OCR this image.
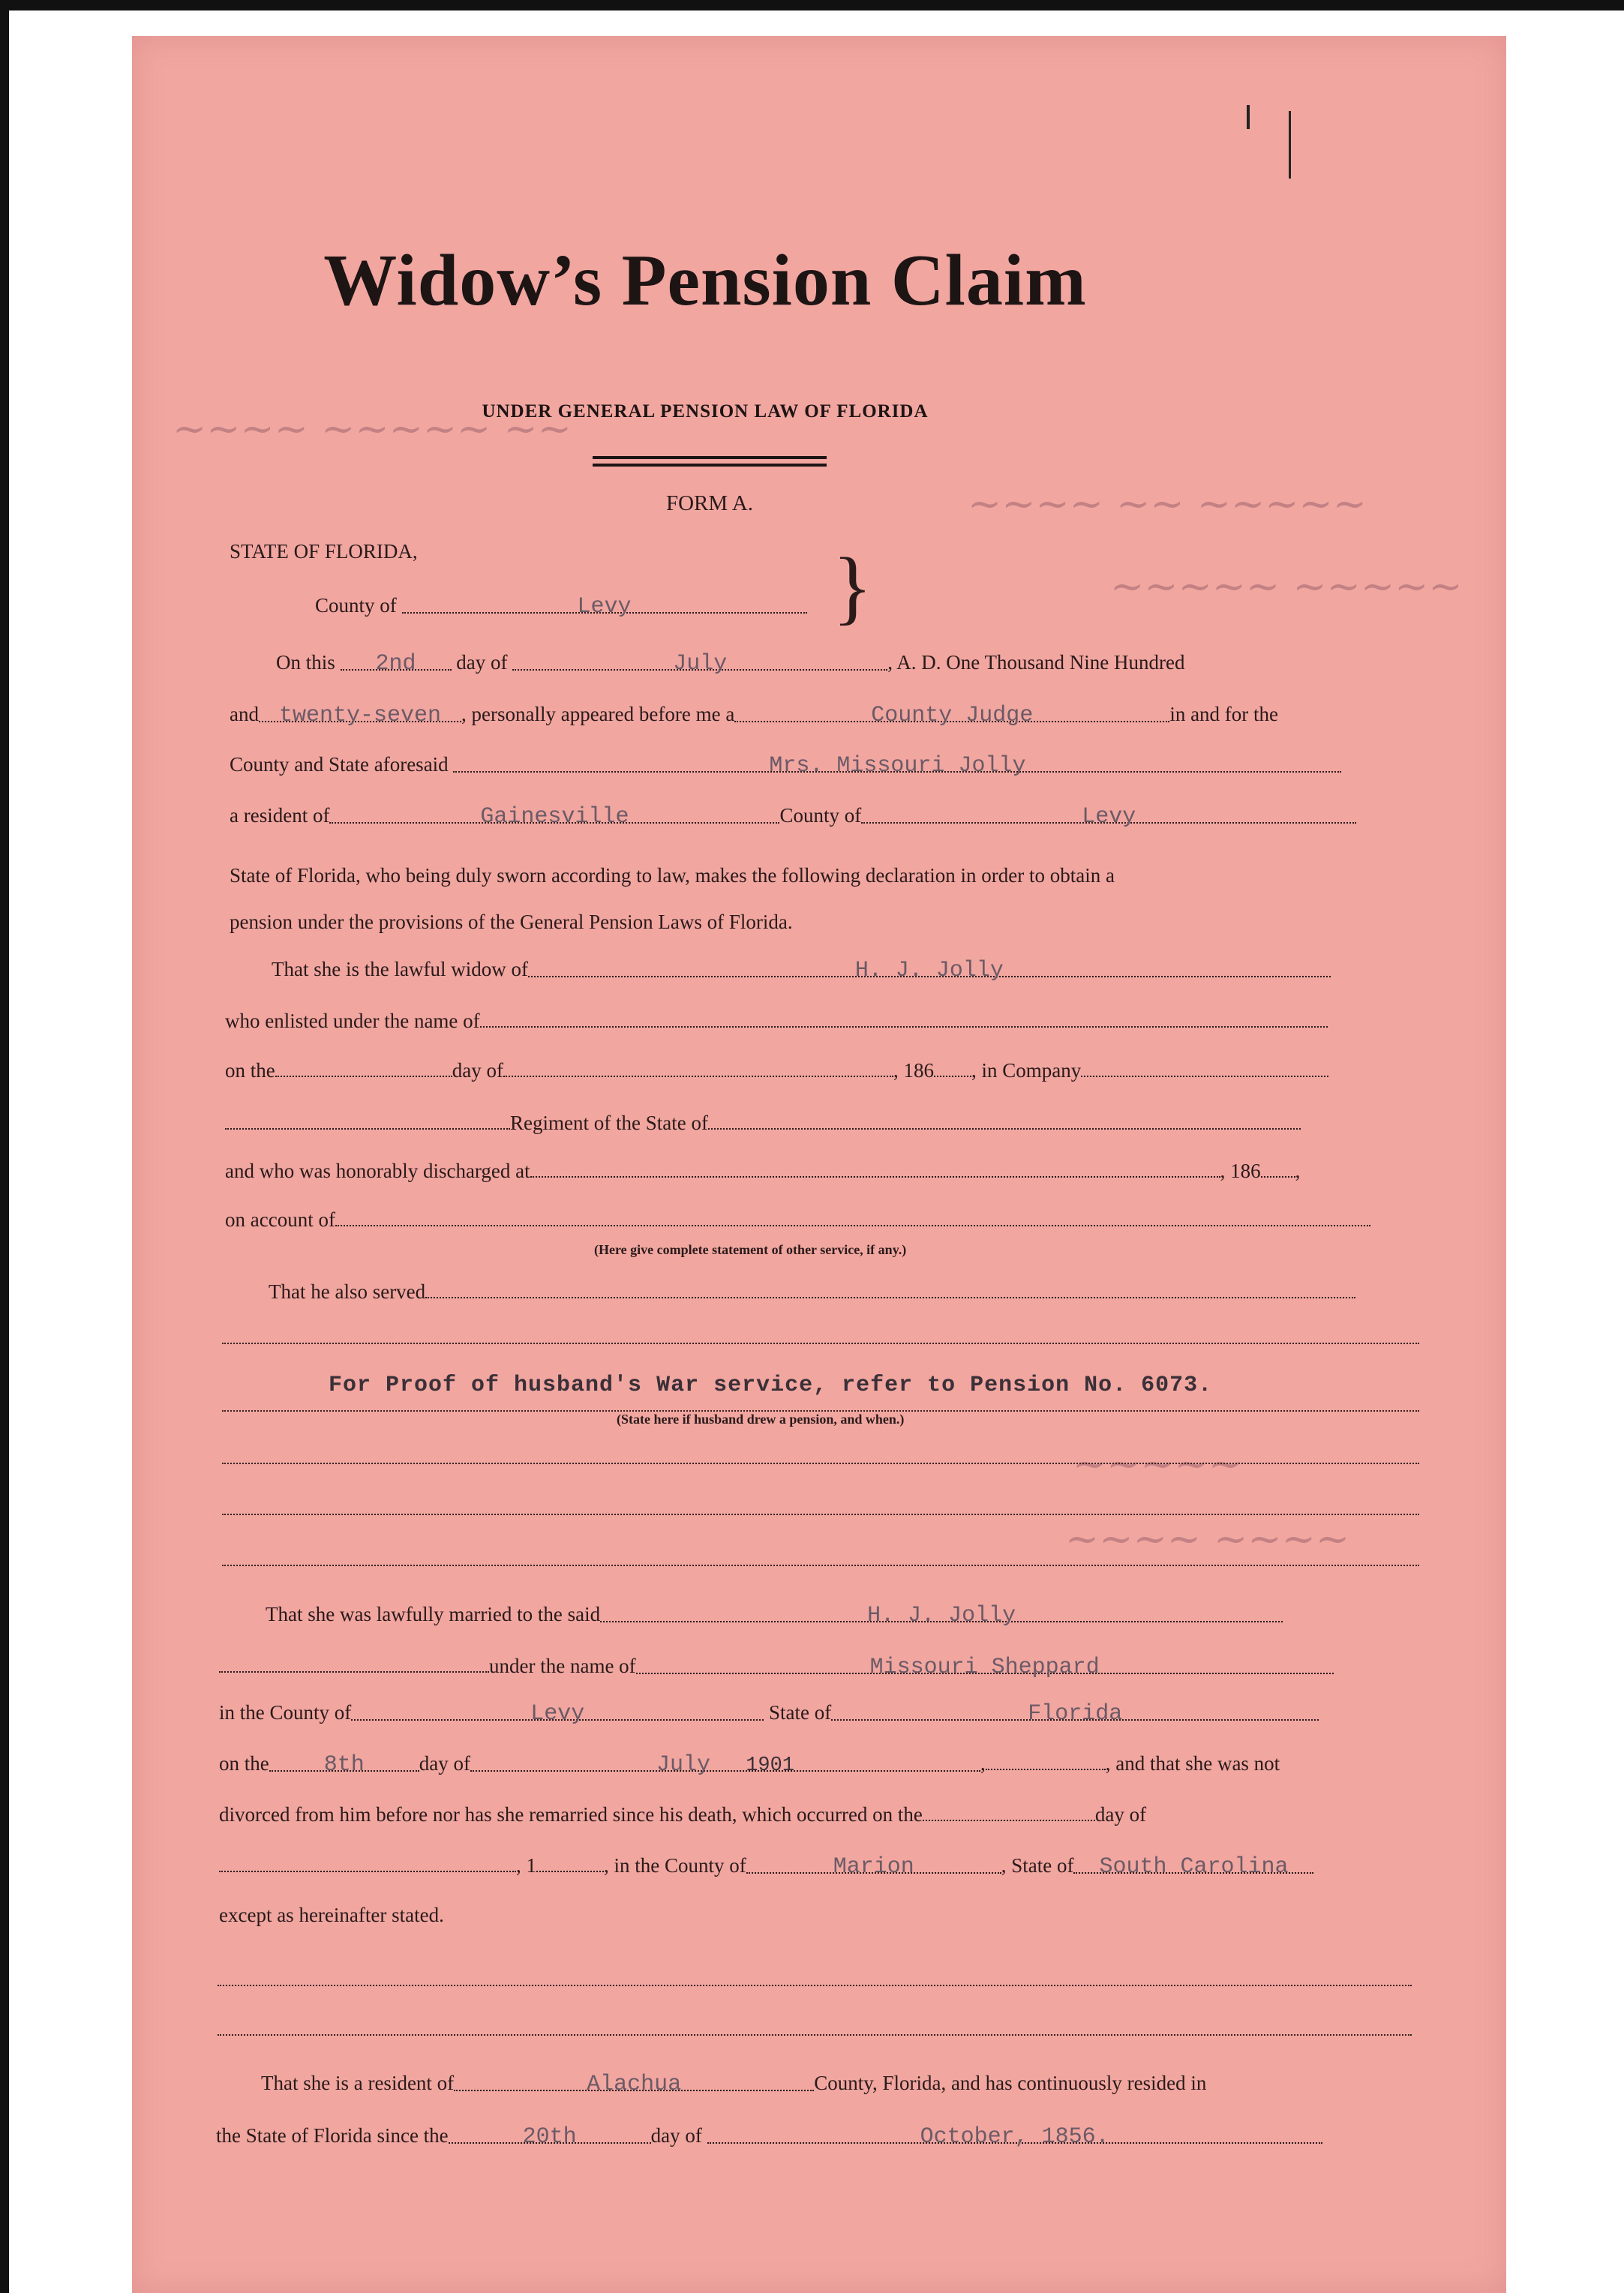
~~~~ ~~ ~~~~~
~~~~~ ~~~~~
~~~~ ~~~~~ ~~
~~~~~
~~~~ ~~~~
Widow’s Pension Claim
UNDER GENERAL PENSION LAW OF FLORIDA
FORM A.
STATE OF FLORIDA,
County of	Levy	}
On this 2nd day of	July	, A. D. One Thousand Nine Hundred
and twenty-seven , personally appeared before me a	County Judge	in and for the
County and State aforesaid	Mrs. Missouri Jolly
a resident of	Gainesville	County of	Levy
State of Florida, who being duly sworn according to law, makes the following declaration in order to obtain a
pension under the provisions of the General Pension Laws of Florida.
That she is the lawful widow of	H. J. Jolly
who enlisted under the name of
on the	day of	, 186 , in Company
Regiment of the State of
and who was honorably discharged at	, 186 ,
on account of
(Here give complete statement of other service, if any.)
That he also served
For Proof of husband's War service, refer to Pension No. 6073.
(State here if husband drew a pension, and when.)
That she was lawfully married to the said	H. J. Jolly
under the name of	Missouri Sheppard
in the County of	Levy	State of	Florida
on the 8th	day of	July 1901	,	, and that she was not
divorced from him before nor has she remarried since his death, which occurred on the	day of
, 1	, in the County of	Marion	, State of South Carolina
except as hereinafter stated.
That she is a resident of	Alachua	County, Florida, and has continuously resided in
the State of Florida since the	20th	day of	October, 1856.
